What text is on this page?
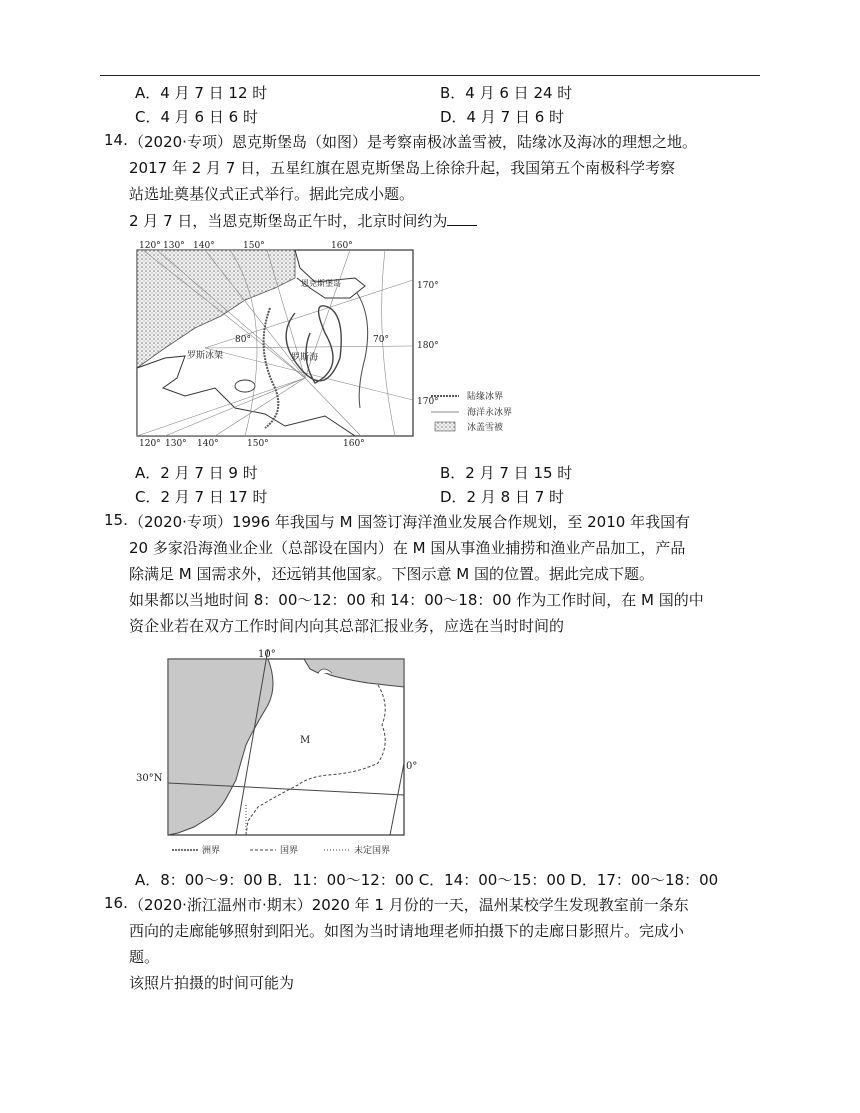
A．4 月 7 日 12 时	B．4 月 6 日 24 时
C．4 月 6 日 6 时	D．4 月 7 日 6 时
14. （2020·专项）恩克斯堡岛（如图）是考察南极冰盖雪被，陆缘冰及海冰的理想之地。
2017 年 2 月 7 日，五星红旗在恩克斯堡岛上徐徐升起，我国第五个南极科学考察
站选址奠基仪式正式举行。据此完成小题。
2 月 7 日，当恩克斯堡岛正午时，北京时间约为
120° 130° 140°	150°	160°
120° 130° 140°	150°	160°
170°
180°
170°
80°	70°
恩克斯堡岛
罗斯冰架	罗斯海
陆缘冰界
海洋永冰界
冰盖雪被
A．2 月 7 日 9 时	B．2 月 7 日 15 时
C．2 月 7 日 17 时	D．2 月 8 日 7 时
15. （2020·专项）1996 年我国与 M 国签订海洋渔业发展合作规划，至 2010 年我国有
20 多家沿海渔业企业（总部设在国内）在 M 国从事渔业捕捞和渔业产品加工，产品
除满足 M 国需求外，还远销其他国家。下图示意 M 国的位置。据此完成下题。
如果都以当地时间 8：00～12：00 和 14：00～18：00 作为工作时间，在 M 国的中
资企业若在双方工作时间内向其总部汇报业务，应选在当时时间的
10°
0°
30°N
M
洲界	国界	未定国界
A．8：00～9：00 B．11：00～12：00 C．14：00～15：00 D．17：00～18：00
16. （2020·浙江温州市·期末）2020 年 1 月份的一天，温州某校学生发现教室前一条东
西向的走廊能够照射到阳光。如图为当时请地理老师拍摄下的走廊日影照片。完成小
题。
该照片拍摄的时间可能为
